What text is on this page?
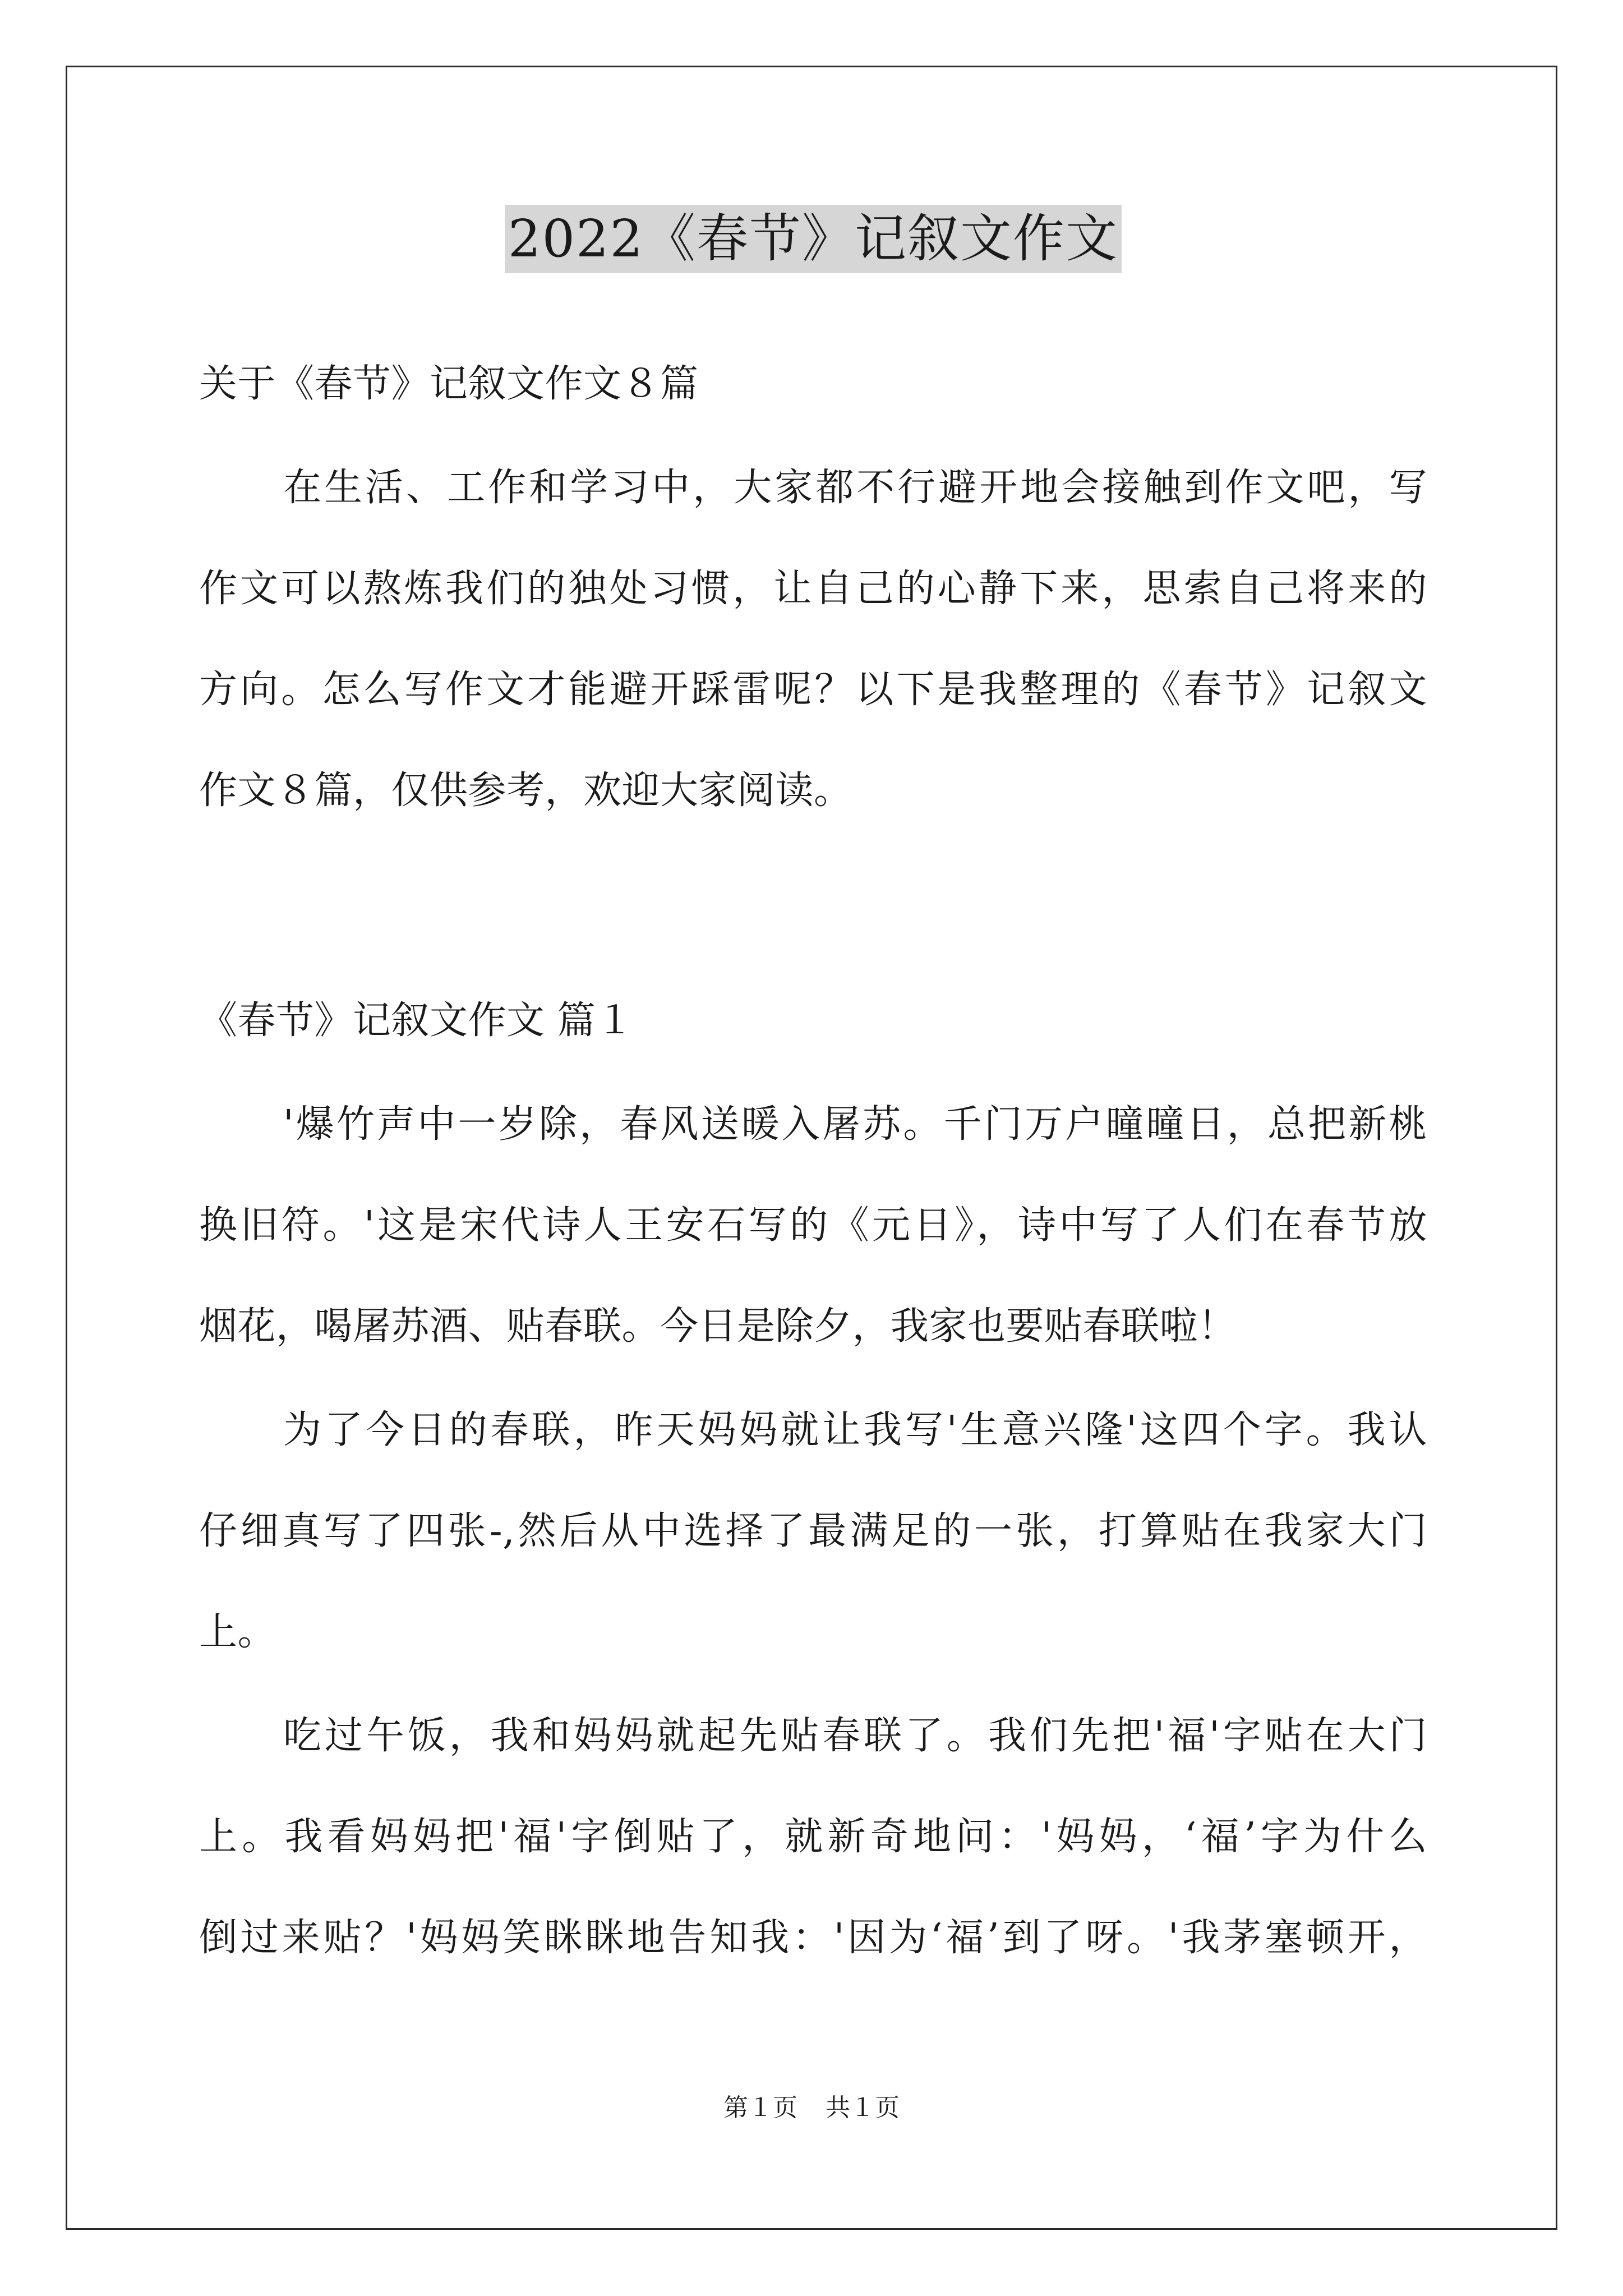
2022《春节》记叙文作文
关于《春节》记叙文作文８篇
在生活、工作和学习中，大家都不行避开地会接触到作文吧，写
作文可以熬炼我们的独处习惯，让自己的心静下来，思索自己将来的
方向。怎么写作文才能避开踩雷呢？以下是我整理的《春节》记叙文
作文８篇，仅供参考，欢迎大家阅读。
《春节》记叙文作文 篇１
'爆竹声中一岁除，春风送暖入屠苏。千门万户曈曈日，总把新桃
换旧符。'这是宋代诗人王安石写的《元日》，诗中写了人们在春节放
烟花，喝屠苏酒、贴春联。今日是除夕，我家也要贴春联啦！
为了今日的春联，昨天妈妈就让我写'生意兴隆'这四个字。我认
仔细真写了四张-,然后从中选择了最满足的一张，打算贴在我家大门
上。
吃过午饭，我和妈妈就起先贴春联了。我们先把'福'字贴在大门
上。我看妈妈把'福'字倒贴了，就新奇地问：'妈妈，‘福’字为什么
倒过来贴？'妈妈笑眯眯地告知我：'因为‘福’到了呀。'我茅塞顿开，
第１页 共１页
